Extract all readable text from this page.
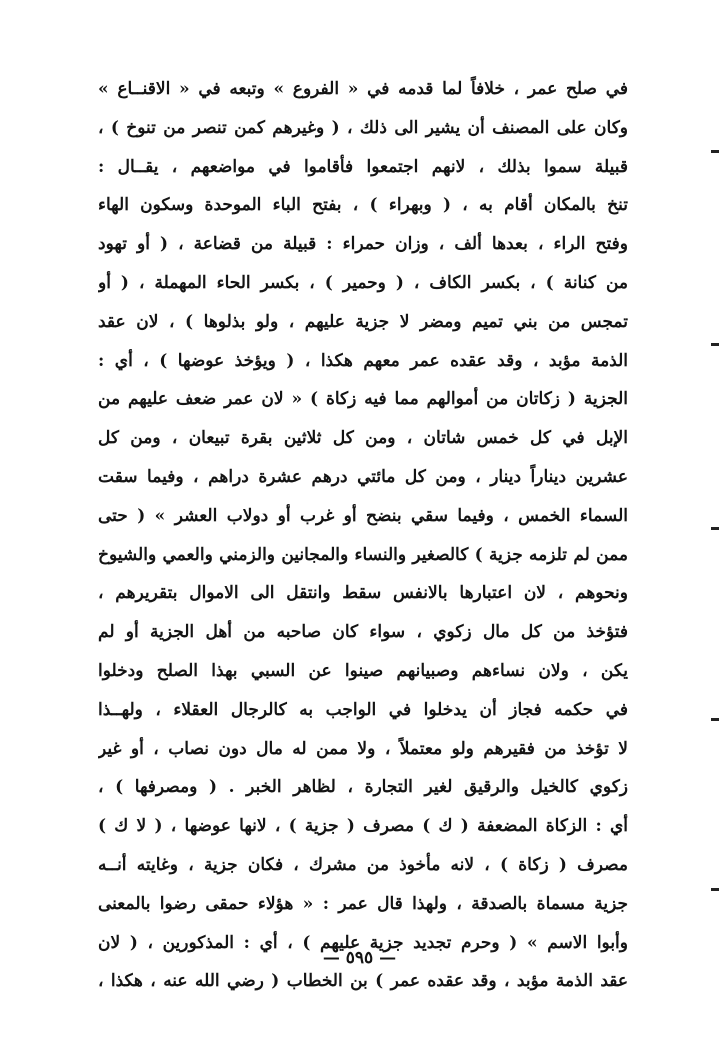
في صلح عمر ، خلافاً لما قدمه في « الفروع » وتبعه في « الاقنــاع »
وكان على المصنف أن يشير الى ذلك ، ( وغيرهم كمن تنصر من تنوخ ) ،
قبيلة سموا بذلك ، لانهم اجتمعوا فأقاموا في مواضعهم ، يقــال :
تنخ بالمكان أقام به ، ( وبهراء ) ، بفتح الباء الموحدة وسكون الهاء
وفتح الراء ، بعدها ألف ، وزان حمراء : قبيلة من قضاعة ، ( أو تهود
من كنانة ) ، بكسر الكاف ، ( وحمير ) ، بكسر الحاء المهملة ، ( أو
تمجس من بني تميم ومضر لا جزية عليهم ، ولو بذلوها ) ، لان عقد
الذمة مؤبد ، وقد عقده عمر معهم هكذا ، ( ويؤخذ عوضها ) ، أي :
الجزية ( زكاتان من أموالهم مما فيه زكاة ) « لان عمر ضعف عليهم من
الإبل في كل خمس شاتان ، ومن كل ثلاثين بقرة تبيعان ، ومن كل
عشرين ديناراً دينار ، ومن كل مائتي درهم عشرة دراهم ، وفيما سقت
السماء الخمس ، وفيما سقي بنضح أو غرب أو دولاب العشر » ( حتى
ممن لم تلزمه جزية ) كالصغير والنساء والمجانين والزمني والعمي والشيوخ
ونحوهم ، لان اعتبارها بالانفس سقط وانتقل الى الاموال بتقريرهم ،
فتؤخذ من كل مال زكوي ، سواء كان صاحبه من أهل الجزية أو لم
يكن ، ولان نساءهم وصبيانهم صينوا عن السبي بهذا الصلح ودخلوا
في حكمه فجاز أن يدخلوا في الواجب به كالرجال العقلاء ، ولهــذا
لا تؤخذ من فقيرهم ولو معتملاً ، ولا ممن له مال دون نصاب ، أو غير
زكوي كالخيل والرقيق لغير التجارة ، لظاهر الخبر . ( ومصرفها ) ،
أي : الزكاة المضعفة ( ك ) مصرف ( جزية ) ، لانها عوضها ، ( لا ك )
مصرف ( زكاة ) ، لانه مأخوذ من مشرك ، فكان جزية ، وغايته أنــه
جزية مسماة بالصدقة ، ولهذا قال عمر : « هؤلاء حمقى رضوا بالمعنى
وأبوا الاسم » ( وحرم تجديد جزية عليهم ) ، أي : المذكورين ، ( لان
عقد الذمة مؤبد ، وقد عقده عمر ) بن الخطاب ( رضي الله عنه ، هكذا ،
— ٥٩٥ —
